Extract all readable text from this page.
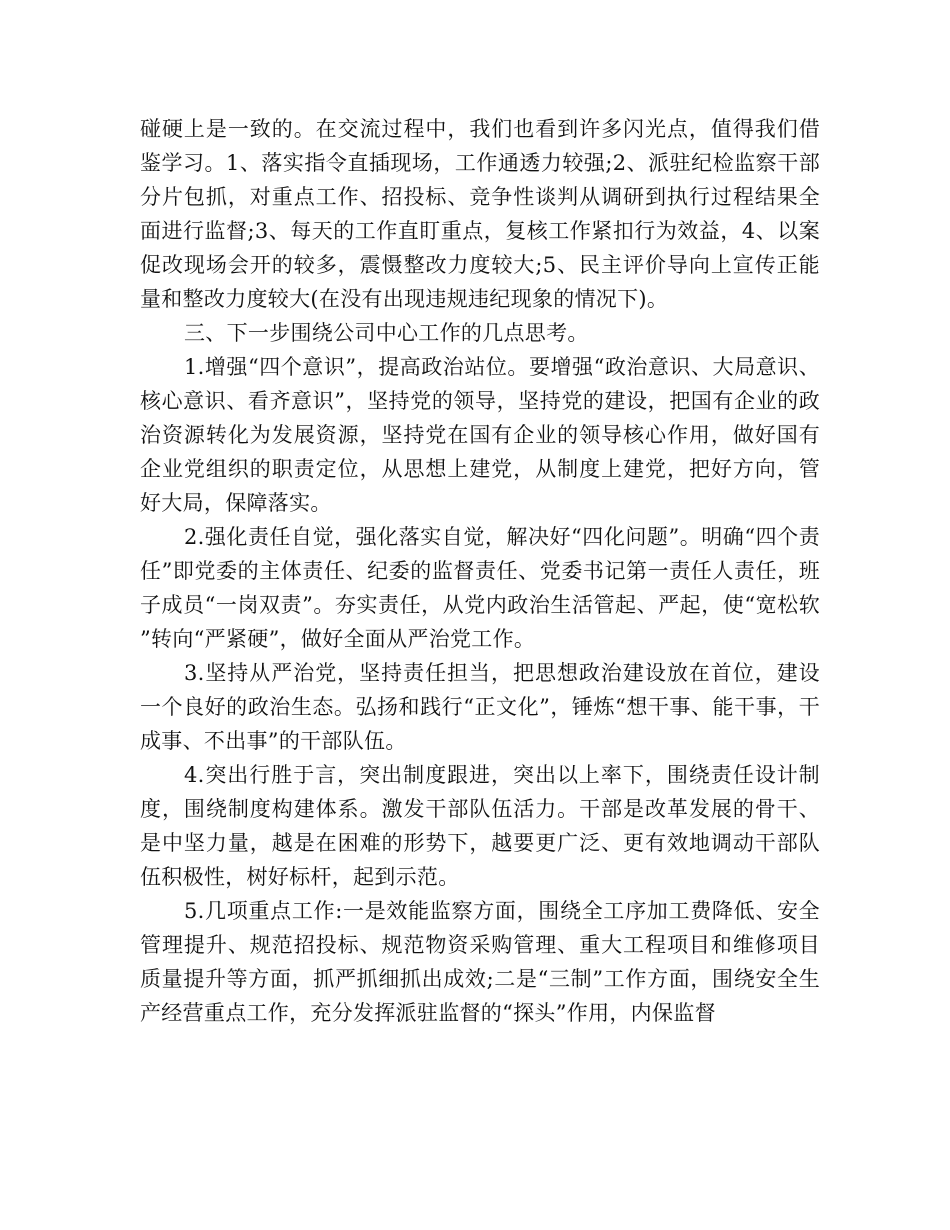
碰硬上是一致的。在交流过程中，我们也看到许多闪光点，值得我们借鉴学习。1、落实指令直插现场，工作通透力较强;2、派驻纪检监察干部分片包抓，对重点工作、招投标、竞争性谈判从调研到执行过程结果全面进行监督;3、每天的工作直盯重点，复核工作紧扣行为效益，4、以案促改现场会开的较多，震慑整改力度较大;5、民主评价导向上宣传正能量和整改力度较大(在没有出现违规违纪现象的情况下)。

三、下一步围绕公司中心工作的几点思考。

1.增强“四个意识”，提高政治站位。要增强“政治意识、大局意识、核心意识、看齐意识”，坚持党的领导，坚持党的建设，把国有企业的政治资源转化为发展资源，坚持党在国有企业的领导核心作用，做好国有企业党组织的职责定位，从思想上建党，从制度上建党，把好方向，管好大局，保障落实。

2.强化责任自觉，强化落实自觉，解决好“四化问题”。明确“四个责任”即党委的主体责任、纪委的监督责任、党委书记第一责任人责任，班子成员“一岗双责”。夯实责任，从党内政治生活管起、严起，使“宽松软”转向“严紧硬”，做好全面从严治党工作。

3.坚持从严治党，坚持责任担当，把思想政治建设放在首位，建设一个良好的政治生态。弘扬和践行“正文化”，锤炼“想干事、能干事，干成事、不出事”的干部队伍。

4.突出行胜于言，突出制度跟进，突出以上率下，围绕责任设计制度，围绕制度构建体系。激发干部队伍活力。干部是改革发展的骨干、是中坚力量，越是在困难的形势下，越要更广泛、更有效地调动干部队伍积极性，树好标杆，起到示范。

5.几项重点工作:一是效能监察方面，围绕全工序加工费降低、安全管理提升、规范招投标、规范物资采购管理、重大工程项目和维修项目质量提升等方面，抓严抓细抓出成效;二是“三制”工作方面，围绕安全生产经营重点工作，充分发挥派驻监督的“探头”作用，内保监督
